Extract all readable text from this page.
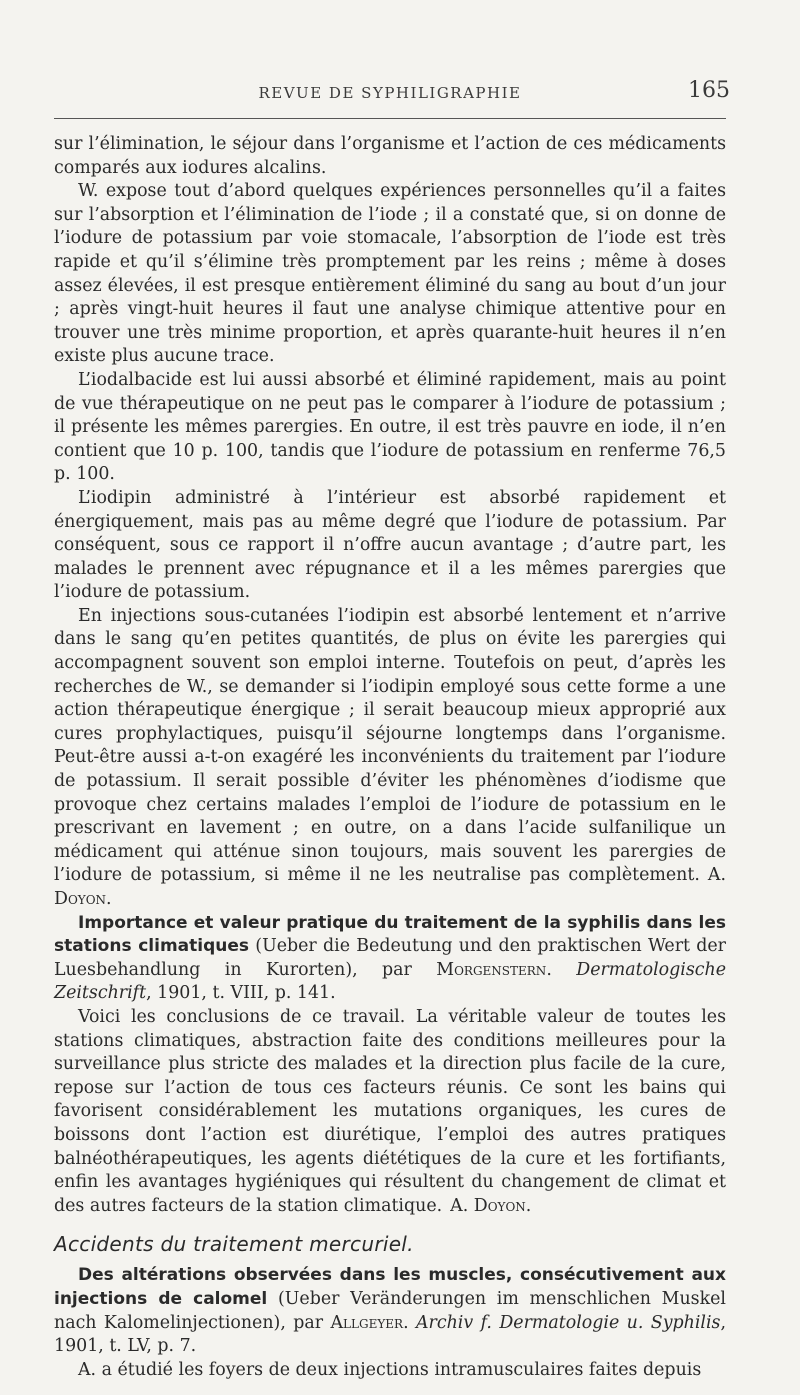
REVUE DE SYPHILIGRAPHIE	165

sur l’élimination, le séjour dans l’organisme et l’action de ces médicaments comparés aux iodures alcalins.

W. expose tout d’abord quelques expériences personnelles qu’il a faites sur l’absorption et l’élimination de l’iode ; il a constaté que, si on donne de l’iodure de potassium par voie stomacale, l’absorption de l’iode est très rapide et qu’il s’élimine très promptement par les reins ; même à doses assez élevées, il est presque entièrement éliminé du sang au bout d’un jour ; après vingt-huit heures il faut une analyse chimique attentive pour en trouver une très minime proportion, et après quarante-huit heures il n’en existe plus aucune trace.

L’iodalbacide est lui aussi absorbé et éliminé rapidement, mais au point de vue thérapeutique on ne peut pas le comparer à l’iodure de potassium ; il présente les mêmes parergies. En outre, il est très pauvre en iode, il n’en contient que 10 p. 100, tandis que l’iodure de potassium en renferme 76,5 p. 100.

L’iodipin administré à l’intérieur est absorbé rapidement et énergiquement, mais pas au même degré que l’iodure de potassium. Par conséquent, sous ce rapport il n’offre aucun avantage ; d’autre part, les malades le prennent avec répugnance et il a les mêmes parergies que l’iodure de potassium.

En injections sous-cutanées l’iodipin est absorbé lentement et n’arrive dans le sang qu’en petites quantités, de plus on évite les parergies qui accompagnent souvent son emploi interne. Toutefois on peut, d’après les recherches de W., se demander si l’iodipin employé sous cette forme a une action thérapeutique énergique ; il serait beaucoup mieux approprié aux cures prophylactiques, puisqu’il séjourne longtemps dans l’organisme. Peut-être aussi a-t-on exagéré les inconvénients du traitement par l’iodure de potassium. Il serait possible d’éviter les phénomènes d’iodisme que provoque chez certains malades l’emploi de l’iodure de potassium en le prescrivant en lavement ; en outre, on a dans l’acide sulfanilique un médicament qui atténue sinon toujours, mais souvent les parergies de l’iodure de potassium, si même il ne les neutralise pas complètement. A. Doyon.

Importance et valeur pratique du traitement de la syphilis dans les stations climatiques (Ueber die Bedeutung und den praktischen Wert der Luesbehandlung in Kurorten), par Morgenstern. Dermatologische Zeitschrift, 1901, t. VIII, p. 141.

Voici les conclusions de ce travail. La véritable valeur de toutes les stations climatiques, abstraction faite des conditions meilleures pour la surveillance plus stricte des malades et la direction plus facile de la cure, repose sur l’action de tous ces facteurs réunis. Ce sont les bains qui favorisent considérablement les mutations organiques, les cures de boissons dont l’action est diurétique, l’emploi des autres pratiques balnéothérapeutiques, les agents diététiques de la cure et les fortifiants, enfin les avantages hygiéniques qui résultent du changement de climat et des autres facteurs de la station climatique. A. Doyon.

Accidents du traitement mercuriel.

Des altérations observées dans les muscles, consécutivement aux injections de calomel (Ueber Veränderungen im menschlichen Muskel nach Kalomelinjectionen), par Allgeyer. Archiv f. Dermatologie u. Syphilis, 1901, t. LV, p. 7.

A. a étudié les foyers de deux injections intramusculaires faites depuis
